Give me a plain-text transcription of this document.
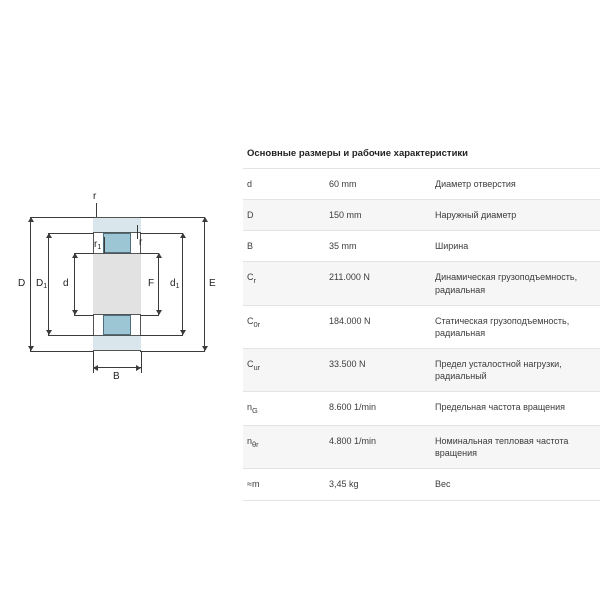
D $D_1$ d	F $d_1$	E
B
r
r
$r_1$
Основные размеры и рабочие характеристики
d	60 mm	Диаметр отверстия
D	150 mm	Наружный диаметр
B	35 mm	Ширина
$C_r$	211.000 N	Динамическая грузоподъемность, радиальная
$C_{0r}$	184.000 N	Статическая грузоподъемность, радиальная
$C_{ur}$	33.500 N	Предел усталостной нагрузки, радиальный
$n_G$	8.600 1/min	Предельная частота вращения
$n_{\theta r}$	4.800 1/min	Номинальная тепловая частота вращения
≈m	3,45 kg	Вес
